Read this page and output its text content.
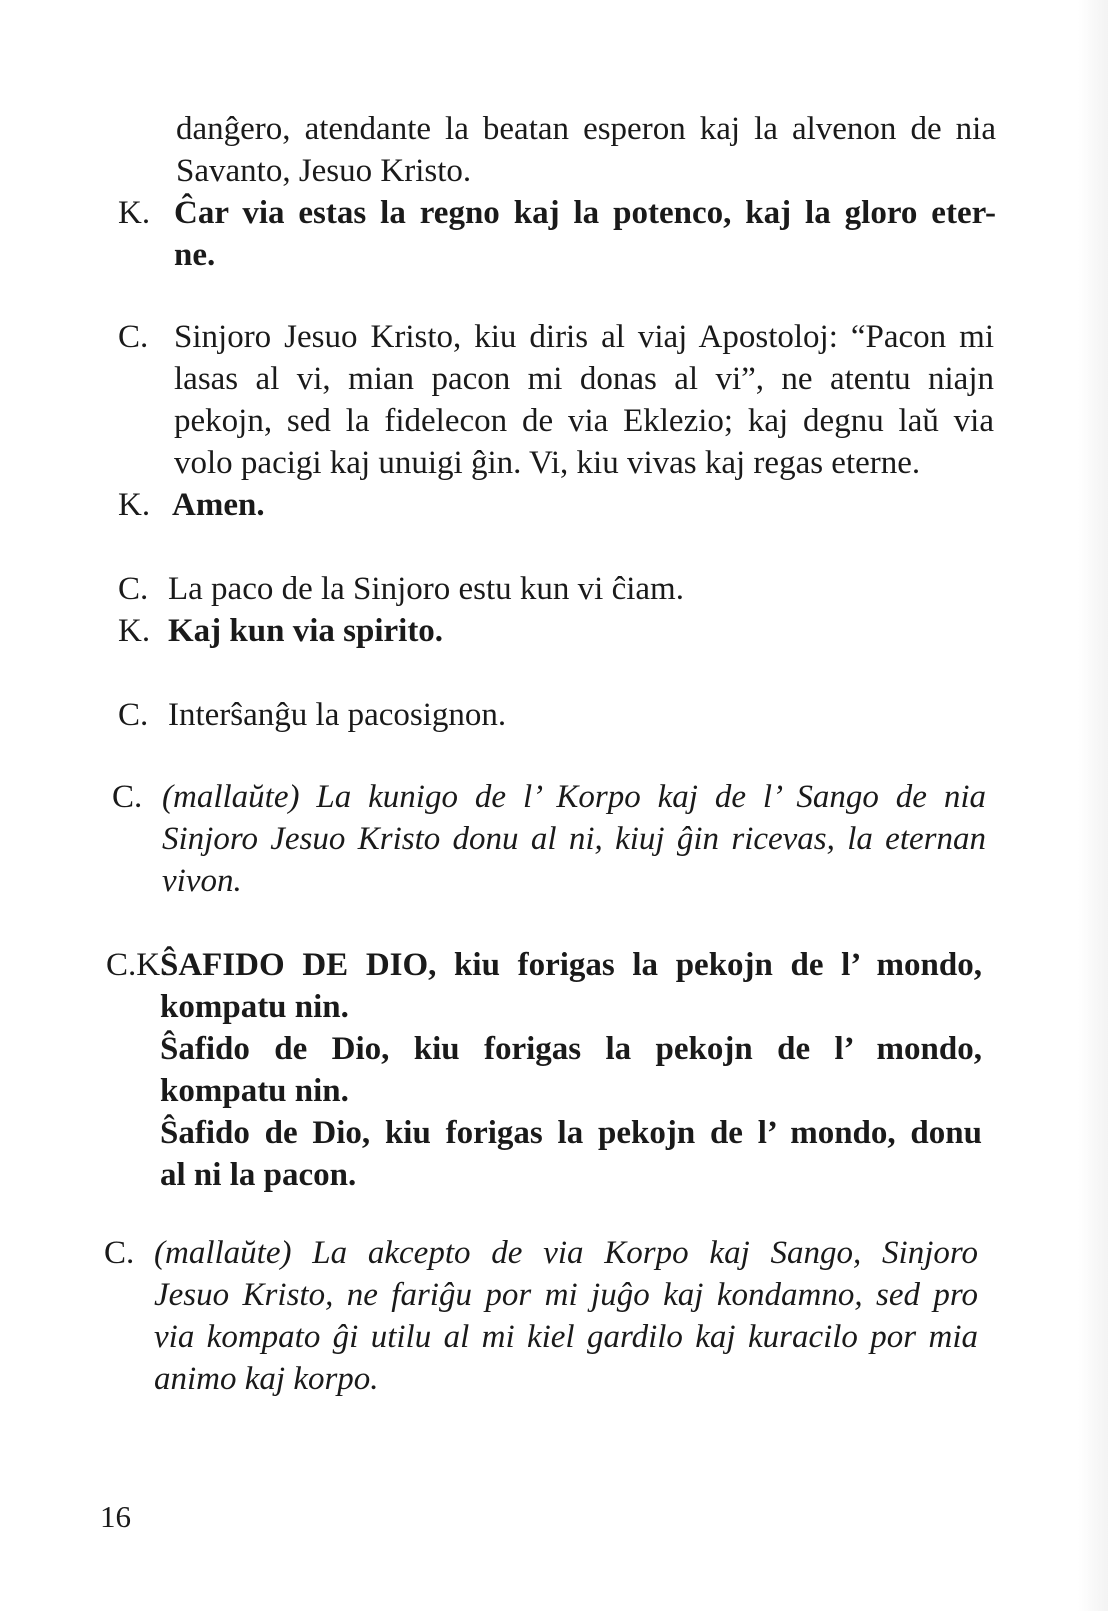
danĝero, atendante la beatan esperon kaj la alvenon de nia
Savanto, Jesuo Kristo.
K. Ĉar via estas la regno kaj la potenco, kaj la gloro eter-
ne.
C. Sinjoro Jesuo Kristo, kiu diris al viaj Apostoloj: “Pacon mi
lasas al vi, mian pacon mi donas al vi”, ne atentu niajn
pekojn, sed la fidelecon de via Eklezio; kaj degnu laŭ via
volo pacigi kaj unuigi ĝin. Vi, kiu vivas kaj regas eterne.
K. Amen.
C. La paco de la Sinjoro estu kun vi ĉiam.
K. Kaj kun via spirito.
C. Interŝanĝu la pacosignon.
C. (mallaŭte) La kunigo de l’ Korpo kaj de l’ Sango de nia
Sinjoro Jesuo Kristo donu al ni, kiuj ĝin ricevas, la eternan
vivon.
C.K.
ŜAFIDO DE DIO, kiu forigas la pekojn de l’ mondo,
kompatu nin.
Ŝafido de Dio, kiu forigas la pekojn de l’ mondo,
kompatu nin.
Ŝafido de Dio, kiu forigas la pekojn de l’ mondo, donu
al ni la pacon.
C. (mallaŭte) La akcepto de via Korpo kaj Sango, Sinjoro
Jesuo Kristo, ne fariĝu por mi juĝo kaj kondamno, sed pro
via kompato ĝi utilu al mi kiel gardilo kaj kuracilo por mia
animo kaj korpo.
16
